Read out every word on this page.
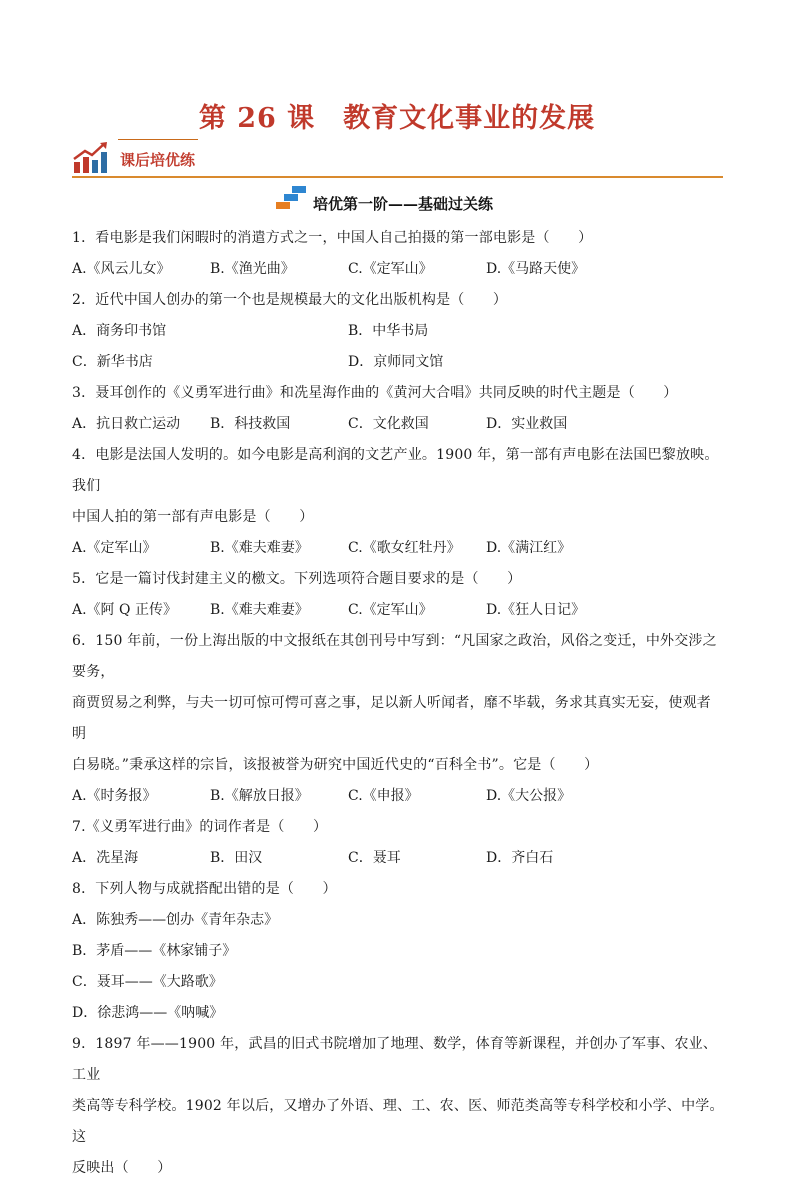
第 26 课　教育文化事业的发展
课后培优练
培优第一阶——基础过关练
1．看电影是我们闲暇时的消遣方式之一，中国人自己拍摄的第一部电影是（　　）
A.《风云儿女》	B.《渔光曲》	C.《定军山》	D.《马路天使》
2．近代中国人创办的第一个也是规模最大的文化出版机构是（　　）
A．商务印书馆	B．中华书局
C．新华书店	D．京师同文馆
3．聂耳创作的《义勇军进行曲》和冼星海作曲的《黄河大合唱》共同反映的时代主题是（　　）
A．抗日救亡运动	B．科技救国	C．文化救国	D．实业救国
4．电影是法国人发明的。如今电影是高利润的文艺产业。1900 年，第一部有声电影在法国巴黎放映。我们
中国人拍的第一部有声电影是（　　）
A.《定军山》	B.《难夫难妻》	C.《歌女红牡丹》	D.《满江红》
5．它是一篇讨伐封建主义的檄文。下列选项符合题目要求的是（　　）
A.《阿 Q 正传》	B.《难夫难妻》	C.《定军山》	D.《狂人日记》
6．150 年前，一份上海出版的中文报纸在其创刊号中写到：“凡国家之政治，风俗之变迁，中外交涉之要务，
商贾贸易之利弊，与夫一切可惊可愕可喜之事，足以新人听闻者，靡不毕载，务求其真实无妄，使观者明
白易晓。”秉承这样的宗旨，该报被誉为研究中国近代史的“百科全书”。它是（　　）
A.《时务报》	B.《解放日报》	C.《申报》	D.《大公报》
7.《义勇军进行曲》的词作者是（　　）
A．冼星海	B．田汉	C．聂耳	D．齐白石
8．下列人物与成就搭配出错的是（　　）
A．陈独秀——创办《青年杂志》
B．茅盾——《林家铺子》
C．聂耳——《大路歌》
D．徐悲鸿——《呐喊》
9．1897 年——1900 年，武昌的旧式书院增加了地理、数学，体育等新课程，并创办了军事、农业、工业
类高等专科学校。1902 年以后，又增办了外语、理、工、农、医、师范类高等专科学校和小学、中学。这
反映出（　　）
